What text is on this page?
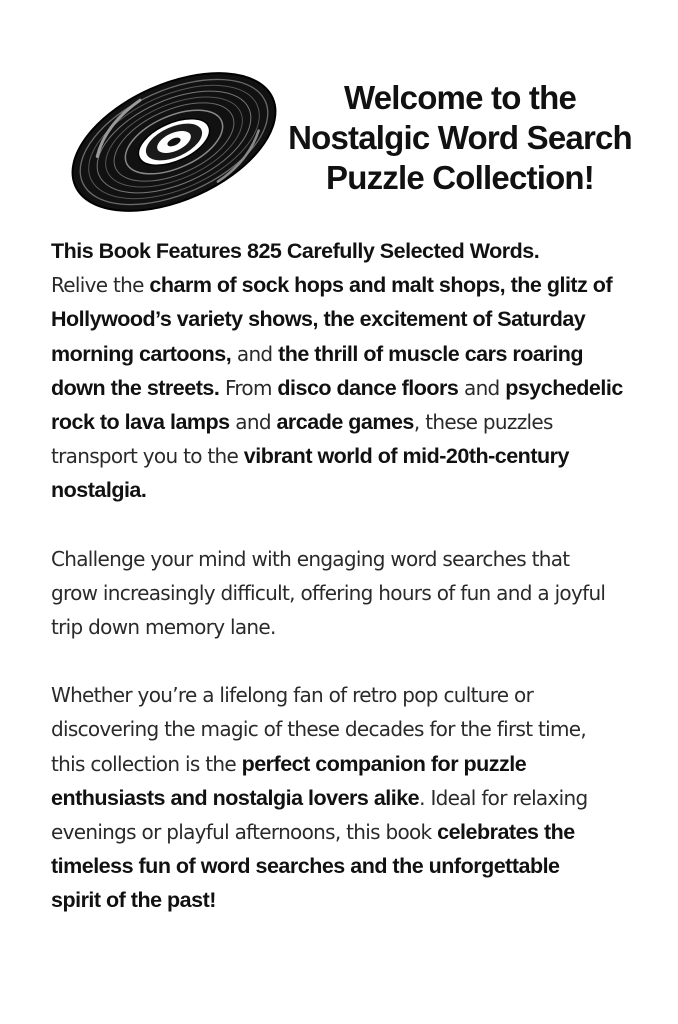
Welcome to the
Nostalgic Word Search
Puzzle Collection!

This Book Features 825 Carefully Selected Words.
Relive the charm of sock hops and malt shops, the glitz of
Hollywood’s variety shows, the excitement of Saturday
morning cartoons, and the thrill of muscle cars roaring
down the streets. From disco dance floors and psychedelic
rock to lava lamps and arcade games, these puzzles
transport you to the vibrant world of mid-20th-century
nostalgia.

Challenge your mind with engaging word searches that
grow increasingly difficult, offering hours of fun and a joyful
trip down memory lane.

Whether you’re a lifelong fan of retro pop culture or
discovering the magic of these decades for the first time,
this collection is the perfect companion for puzzle
enthusiasts and nostalgia lovers alike. Ideal for relaxing
evenings or playful afternoons, this book celebrates the
timeless fun of word searches and the unforgettable
spirit of the past!
